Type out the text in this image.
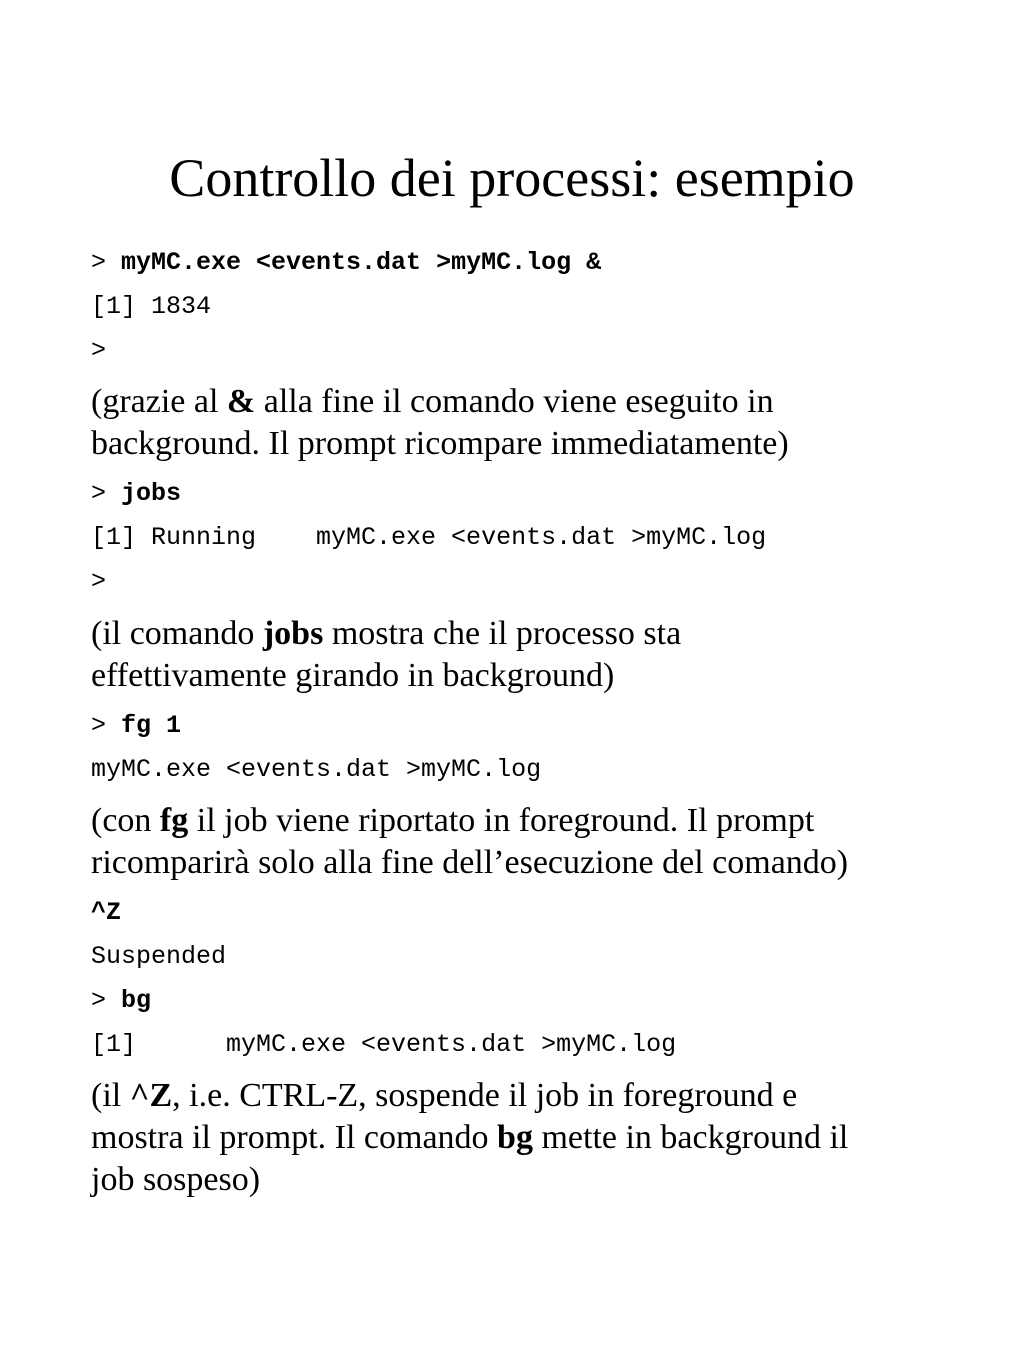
Controllo dei processi: esempio
> myMC.exe <events.dat >myMC.log &
[1] 1834
>
(grazie al & alla fine il comando viene eseguito in
background. Il prompt ricompare immediatamente)
> jobs
[1] Running    myMC.exe <events.dat >myMC.log
>
(il comando jobs mostra che il processo sta
effettivamente girando in background)
> fg 1
myMC.exe <events.dat >myMC.log
(con fg il job viene riportato in foreground. Il prompt
ricomparirà solo alla fine dell’esecuzione del comando)
^Z
Suspended
> bg
[1]      myMC.exe <events.dat >myMC.log
(il ^Z, i.e. CTRL-Z, sospende il job in foreground e
mostra il prompt. Il comando bg mette in background il
job sospeso)
